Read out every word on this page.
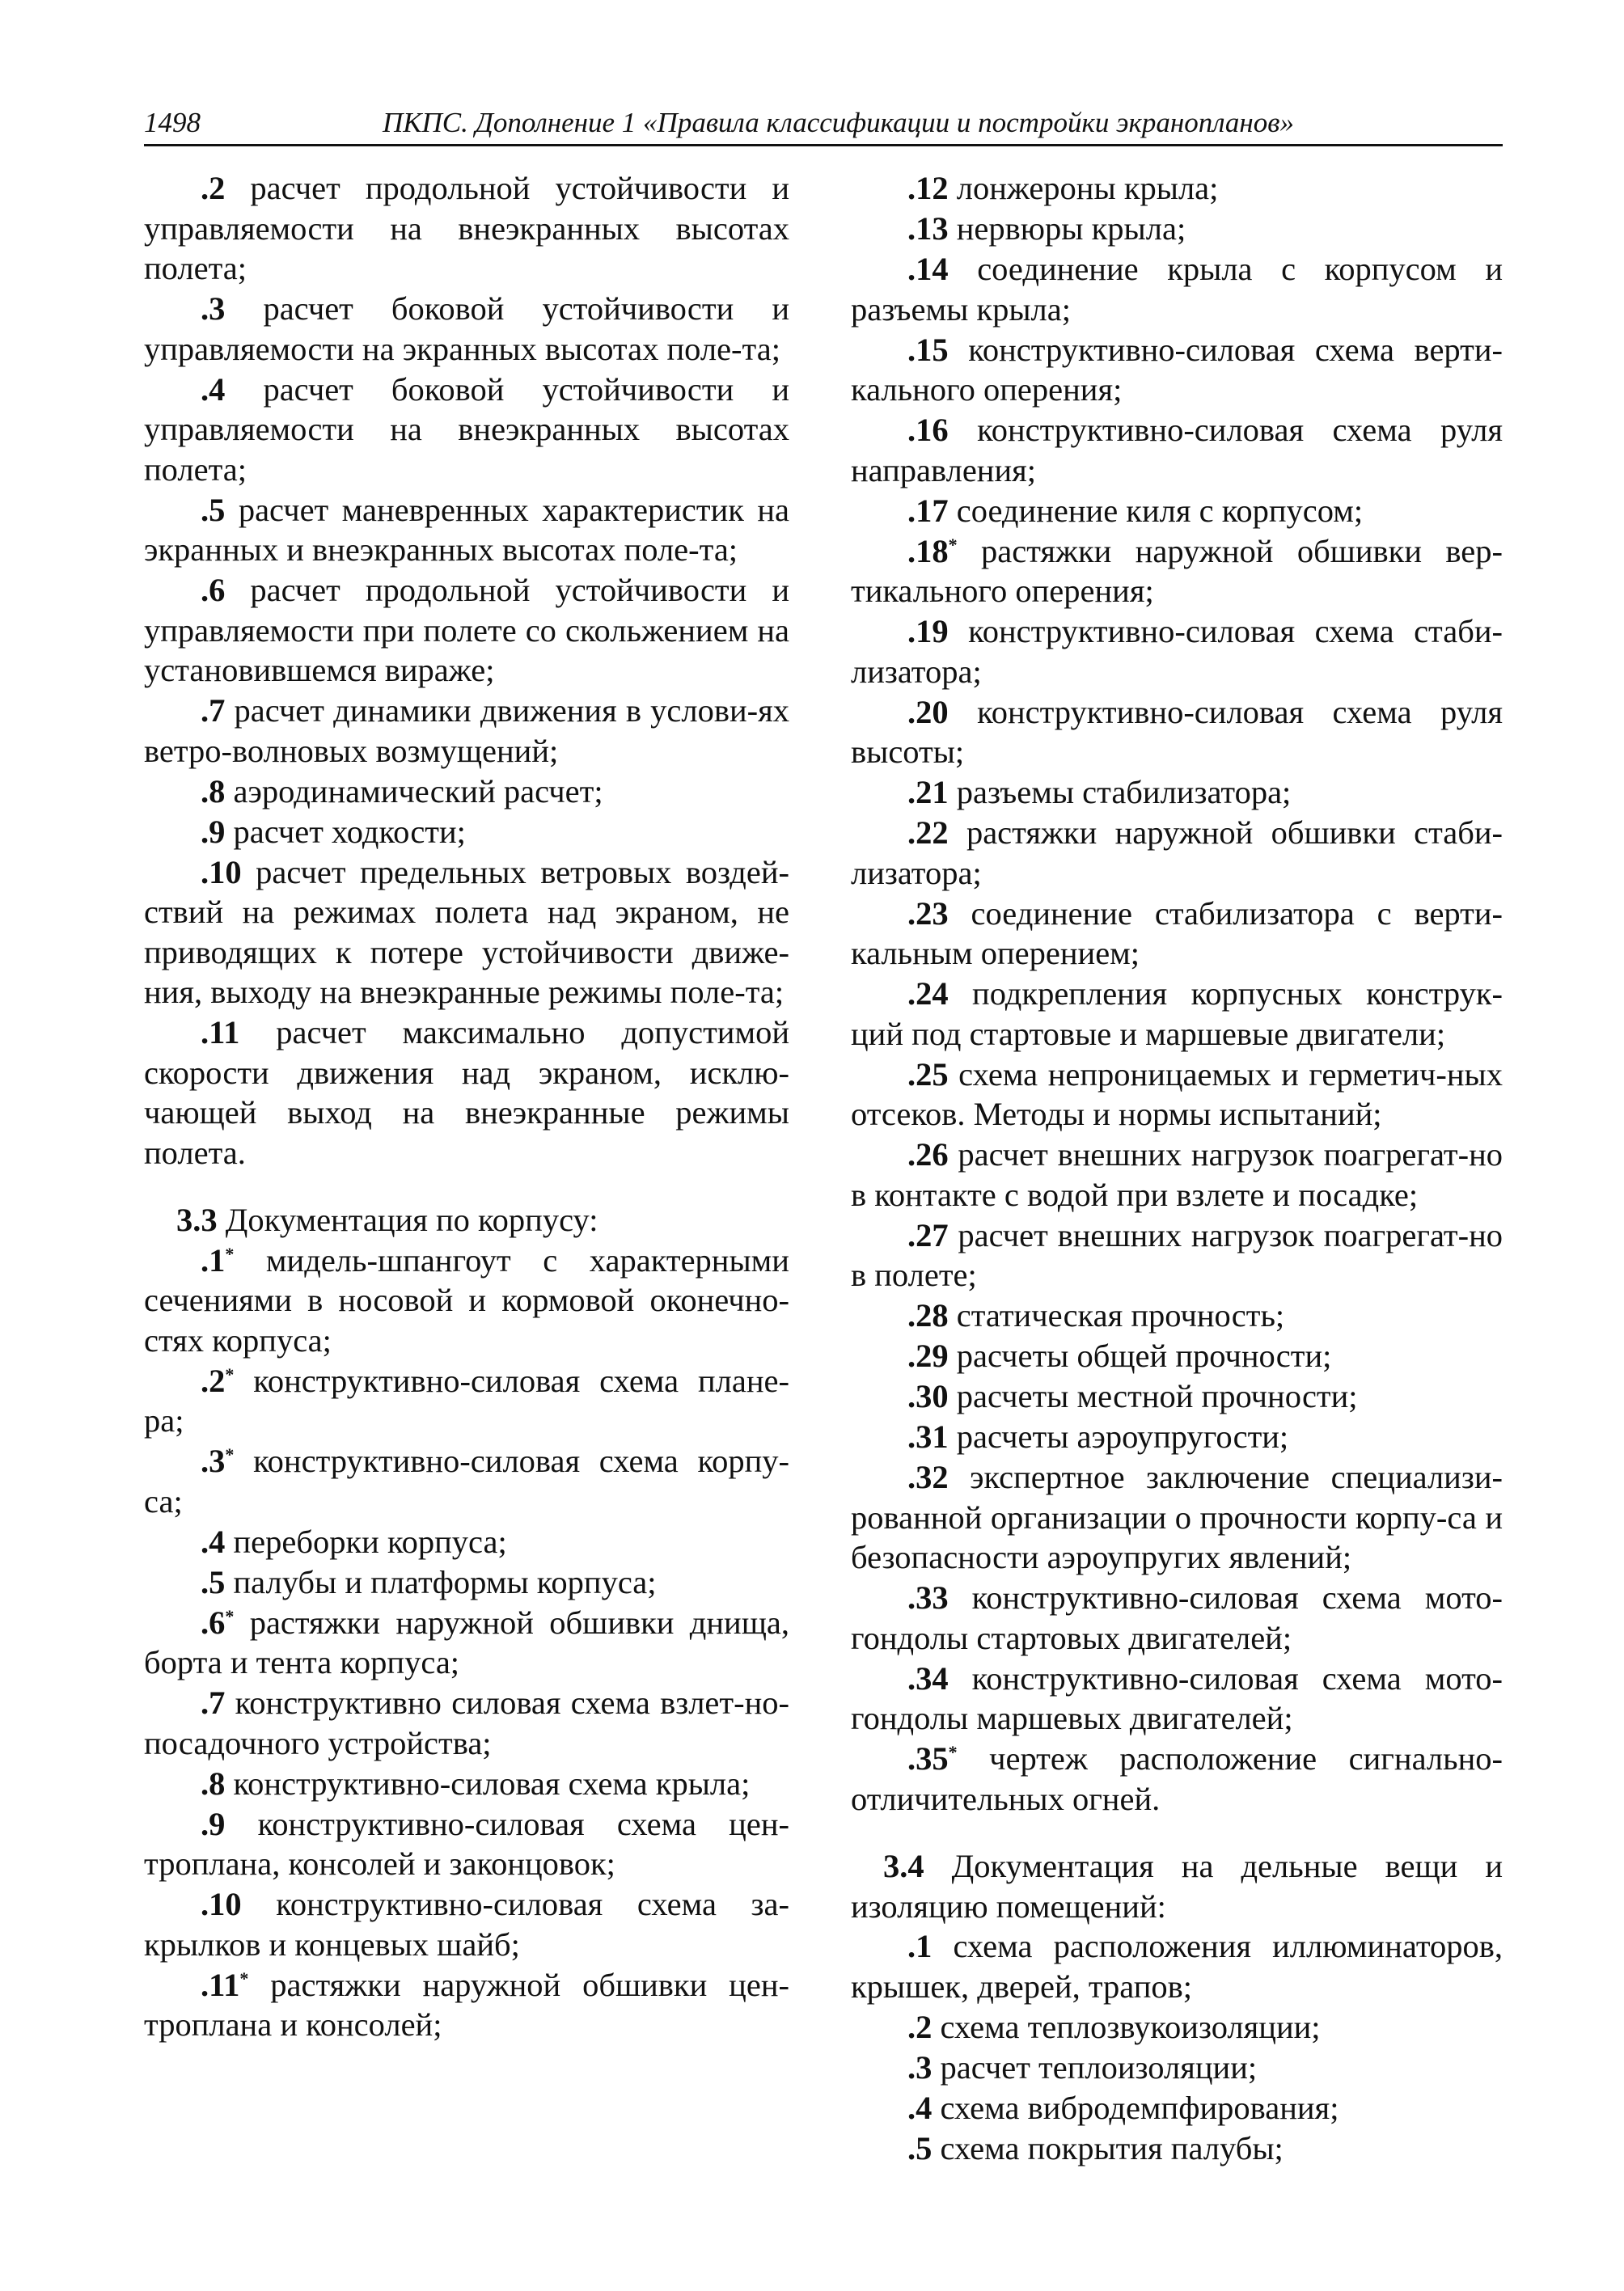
1498	ПКПС. Дополнение 1 «Правила классификации и постройки экранопланов»

.2 расчет продольной устойчивости и управляемости на внеэкранных высотах полета;

.3 расчет боковой устойчивости и управляемости на экранных высотах поле-та;

.4 расчет боковой устойчивости и управляемости на внеэкранных высотах полета;

.5 расчет маневренных характеристик на экранных и внеэкранных высотах поле-та;

.6 расчет продольной устойчивости и управляемости при полете со скольжением на установившемся вираже;

.7 расчет динамики движения в услови-ях ветро-волновых возмущений;

.8 аэродинамический расчет;

.9 расчет ходкости;

.10 расчет предельных ветровых воздей-ствий на режимах полета над экраном, не приводящих к потере устойчивости движе-ния, выходу на внеэкранные режимы поле-та;

.11 расчет максимально допустимой скорости движения над экраном, исклю-чающей выход на внеэкранные режимы полета.

3.3 Документация по корпусу:

.1* мидель-шпангоут с характерными сечениями в носовой и кормовой оконечно-стях корпуса;

.2* конструктивно-силовая схема плане-ра;

.3* конструктивно-силовая схема корпу-са;

.4 переборки корпуса;

.5 палубы и платформы корпуса;

.6* растяжки наружной обшивки днища, борта и тента корпуса;

.7 конструктивно силовая схема взлет-но-посадочного устройства;

.8 конструктивно-силовая схема крыла;

.9 конструктивно-силовая схема цен-троплана, консолей и законцовок;

.10 конструктивно-силовая схема за-крылков и концевых шайб;

.11* растяжки наружной обшивки цен-троплана и консолей;

.12 лонжероны крыла;

.13 нервюры крыла;

.14 соединение крыла с корпусом и разъемы крыла;

.15 конструктивно-силовая схема верти-кального оперения;

.16 конструктивно-силовая схема руля направления;

.17 соединение киля с корпусом;

.18* растяжки наружной обшивки вер-тикального оперения;

.19 конструктивно-силовая схема стаби-лизатора;

.20 конструктивно-силовая схема руля высоты;

.21 разъемы стабилизатора;

.22 растяжки наружной обшивки стаби-лизатора;

.23 соединение стабилизатора с верти-кальным оперением;

.24 подкрепления корпусных конструк-ций под стартовые и маршевые двигатели;

.25 схема непроницаемых и герметич-ных отсеков. Методы и нормы испытаний;

.26 расчет внешних нагрузок поагрегат-но в контакте с водой при взлете и посадке;

.27 расчет внешних нагрузок поагрегат-но в полете;

.28 статическая прочность;

.29 расчеты общей прочности;

.30 расчеты местной прочности;

.31 расчеты аэроупругости;

.32 экспертное заключение специализи-рованной организации о прочности корпу-са и безопасности аэроупругих явлений;

.33 конструктивно-силовая схема мото-гондолы стартовых двигателей;

.34 конструктивно-силовая схема мото-гондолы маршевых двигателей;

.35* чертеж расположение сигнально-отличительных огней.

3.4 Документация на дельные вещи и изоляцию помещений:

.1 схема расположения иллюминаторов, крышек, дверей, трапов;

.2 схема теплозвукоизоляции;

.3 расчет теплоизоляции;

.4 схема вибродемпфирования;

.5 схема покрытия палубы;
